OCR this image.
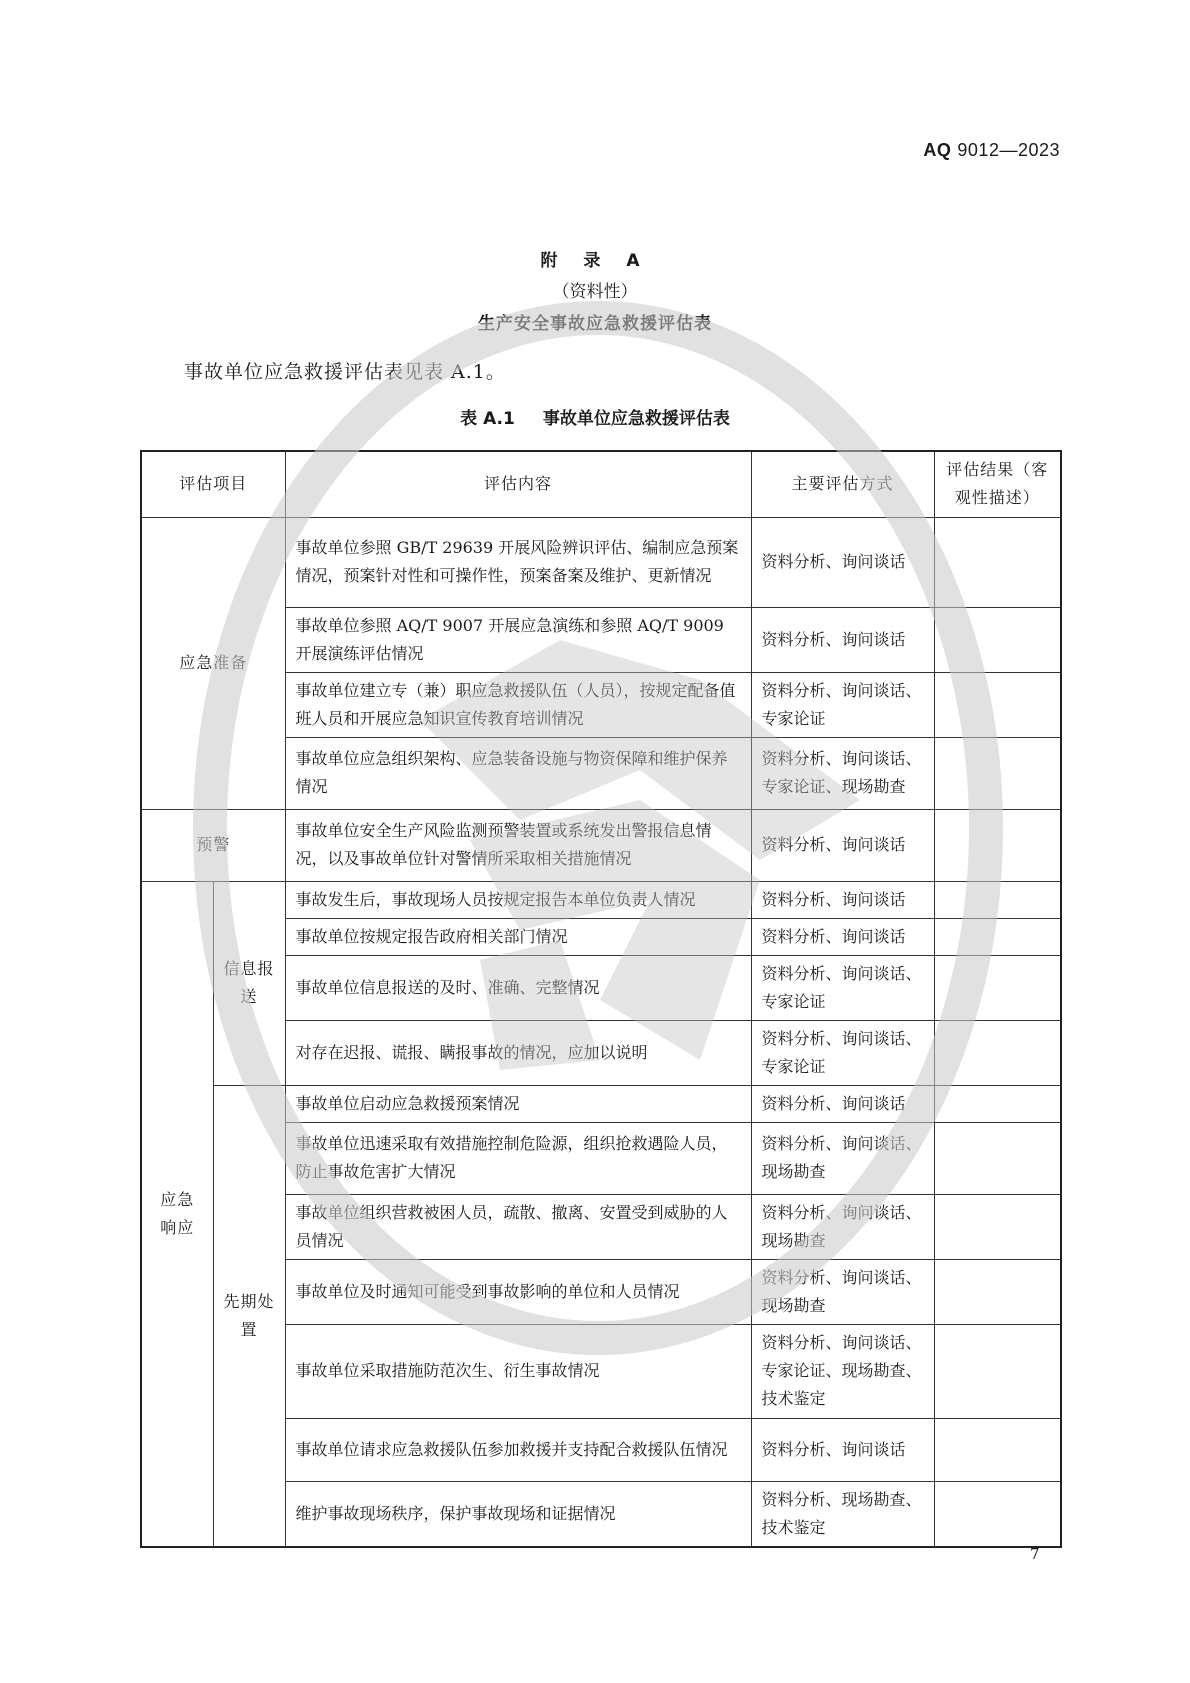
AQ 9012—2023
附 录 A
（资料性）
生产安全事故应急救援评估表
事故单位应急救援评估表见表 A.1。
表 A.1 事故单位应急救援评估表
评估项目		评估内容	主要评估方式	评估结果（客观性描述）
应急准备		事故单位参照 GB/T 29639 开展风险辨识评估、编制应急预案情况，预案针对性和可操作性，预案备案及维护、更新情况	资料分析、询问谈话	
		事故单位参照 AQ/T 9007 开展应急演练和参照 AQ/T 9009 开展演练评估情况	资料分析、询问谈话	
		事故单位建立专（兼）职应急救援队伍（人员），按规定配备值班人员和开展应急知识宣传教育培训情况	资料分析、询问谈话、专家论证	
		事故单位应急组织架构、应急装备设施与物资保障和维护保养情况	资料分析、询问谈话、专家论证、现场勘查	
预警		事故单位安全生产风险监测预警装置或系统发出警报信息情况，以及事故单位针对警情所采取相关措施情况	资料分析、询问谈话	
应急响应	信息报送	事故发生后，事故现场人员按规定报告本单位负责人情况	资料分析、询问谈话	
		事故单位按规定报告政府相关部门情况	资料分析、询问谈话	
		事故单位信息报送的及时、准确、完整情况	资料分析、询问谈话、专家论证	
		对存在迟报、谎报、瞒报事故的情况，应加以说明	资料分析、询问谈话、专家论证	
	先期处置	事故单位启动应急救援预案情况	资料分析、询问谈话	
		事故单位迅速采取有效措施控制危险源，组织抢救遇险人员，防止事故危害扩大情况	资料分析、询问谈话、现场勘查	
		事故单位组织营救被困人员，疏散、撤离、安置受到威胁的人员情况	资料分析、询问谈话、现场勘查	
		事故单位及时通知可能受到事故影响的单位和人员情况	资料分析、询问谈话、现场勘查	
		事故单位采取措施防范次生、衍生事故情况	资料分析、询问谈话、专家论证、现场勘查、技术鉴定	
		事故单位请求应急救援队伍参加救援并支持配合救援队伍情况	资料分析、询问谈话	
		维护事故现场秩序，保护事故现场和证据情况	资料分析、现场勘查、技术鉴定	
7
